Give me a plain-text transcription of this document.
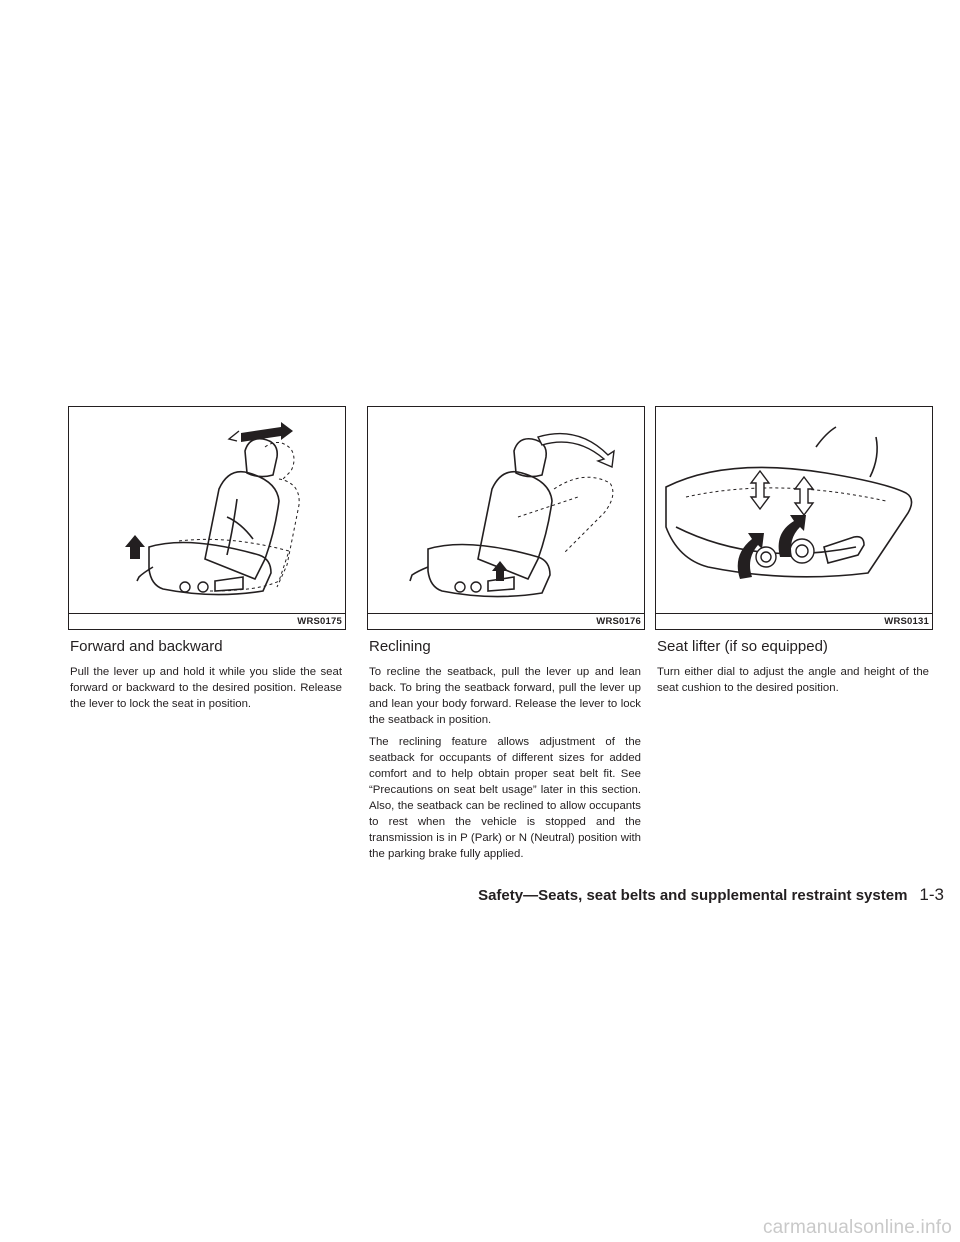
WRS0175
Forward and backward

Pull the lever up and hold it while you slide the seat forward or backward to the desired position. Release the lever to lock the seat in position.

WRS0176
Reclining

To recline the seatback, pull the lever up and lean back. To bring the seatback forward, pull the lever up and lean your body forward. Release the lever to lock the seatback in position.

The reclining feature allows adjustment of the seatback for occupants of different sizes for added comfort and to help obtain proper seat belt fit. See “Precautions on seat belt usage” later in this section. Also, the seatback can be reclined to allow occupants to rest when the vehicle is stopped and the transmission is in P (Park) or N (Neutral) position with the parking brake fully applied.

WRS0131
Seat lifter (if so equipped)

Turn either dial to adjust the angle and height of the seat cushion to the desired position.

Safety—Seats, seat belts and supplemental restraint system 1-3
carmanualsonline.info
